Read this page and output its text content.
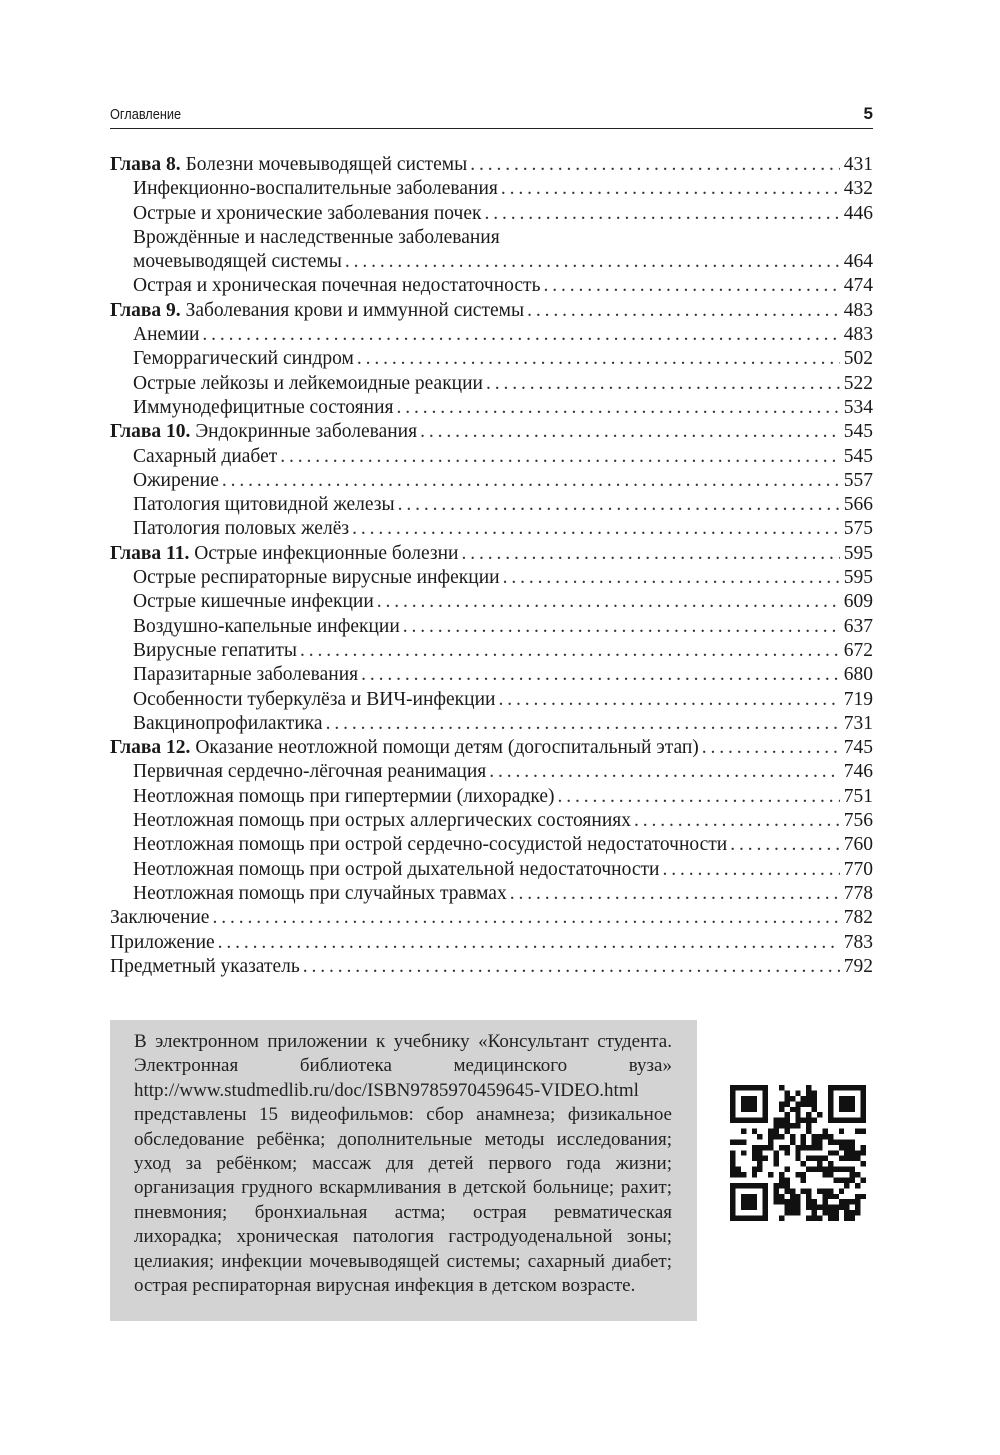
Оглавление	5
Глава 8. Болезни мочевыводящей системы . . .	431
Инфекционно-воспалительные заболевания . . .	432
Острые и хронические заболевания почек . . .	446
Врождённые и наследственные заболевания
мочевыводящей системы . . .	464
Острая и хроническая почечная недостаточность . . .	474
Глава 9. Заболевания крови и иммунной системы . . .	483
Анемии . . .	483
Геморрагический синдром . . .	502
Острые лейкозы и лейкемоидные реакции . . .	522
Иммунодефицитные состояния . . .	534
Глава 10. Эндокринные заболевания . . .	545
Сахарный диабет . . .	545
Ожирение . . .	557
Патология щитовидной железы . . .	566
Патология половых желёз . . .	575
Глава 11. Острые инфекционные болезни . . .	595
Острые респираторные вирусные инфекции . . .	595
Острые кишечные инфекции . . .	609
Воздушно-капельные инфекции . . .	637
Вирусные гепатиты . . .	672
Паразитарные заболевания . . .	680
Особенности туберкулёза и ВИЧ-инфекции . . .	719
Вакцинопрофилактика . . .	731
Глава 12. Оказание неотложной помощи детям (догоспитальный этап) . . .	745
Первичная сердечно-лёгочная реанимация . . .	746
Неотложная помощь при гипертермии (лихорадке) . . .	751
Неотложная помощь при острых аллергических состояниях . . .	756
Неотложная помощь при острой сердечно-сосудистой недостаточности . . .	760
Неотложная помощь при острой дыхательной недостаточности . . .	770
Неотложная помощь при случайных травмах . . .	778
Заключение . . .	782
Приложение . . .	783
Предметный указатель . . .	792

В электронном приложении к учебнику «Консультант студента. Электронная библиотека медицинского вуза» http://www.studmedlib.ru/doc/ISBN9785970459645-VIDEO.html представлены 15 видеофильмов: сбор анамнеза; физикальное обследование ребёнка; дополнительные методы исследования; уход за ребёнком; массаж для детей первого года жизни; организация грудного вскармливания в детской больнице; рахит; пневмония; бронхиальная астма; острая ревматическая лихорадка; хроническая патология гастродуоденальной зоны; целиакия; инфекции мочевыводящей системы; сахарный диабет; острая респираторная вирусная инфекция в детском возрасте.
